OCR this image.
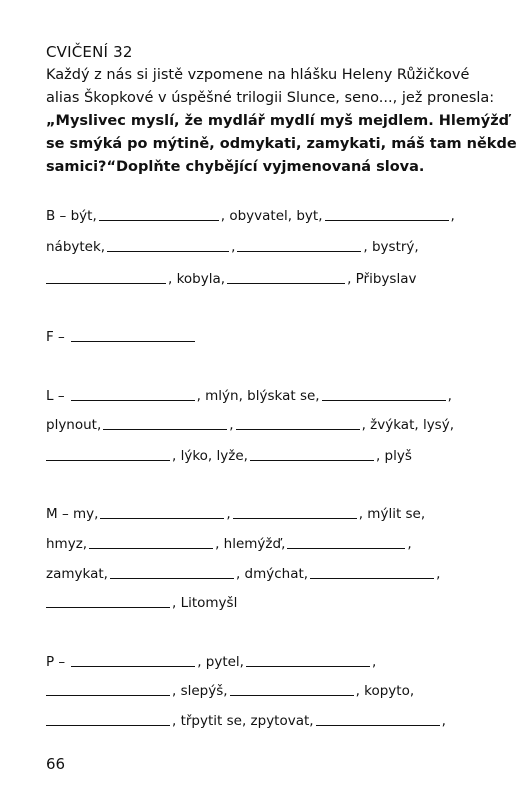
CVIČENÍ 32
Každý z nás si jistě vzpomene na hlášku Heleny Růžičkové
alias Škopkové v úspěšné trilogii Slunce, seno..., jež pronesla:
„Myslivec myslí, že mydlář mydlí myš mejdlem. Hlemýžď
se smýká po mýtině, odmykati, zamykati, máš tam někde
samici?“Doplňte chybějící vyjmenovaná slova.
B – být,	, obyvatel, byt,	,
nábytek,	,	, bystrý,
, kobyla,	, Přibyslav
F –
L –	, mlýn, blýskat se,	,
plynout,	,	, žvýkat, lysý,
, lýko, lyže,	, plyš
M – my,	,	, mýlit se,
hmyz,	, hlemýžď,	,
zamykat,	, dmýchat,	,
, Litomyšl
P –	, pytel,	,
, slepýš,	, kopyto,
, třpytit se, zpytovat,	,
66
